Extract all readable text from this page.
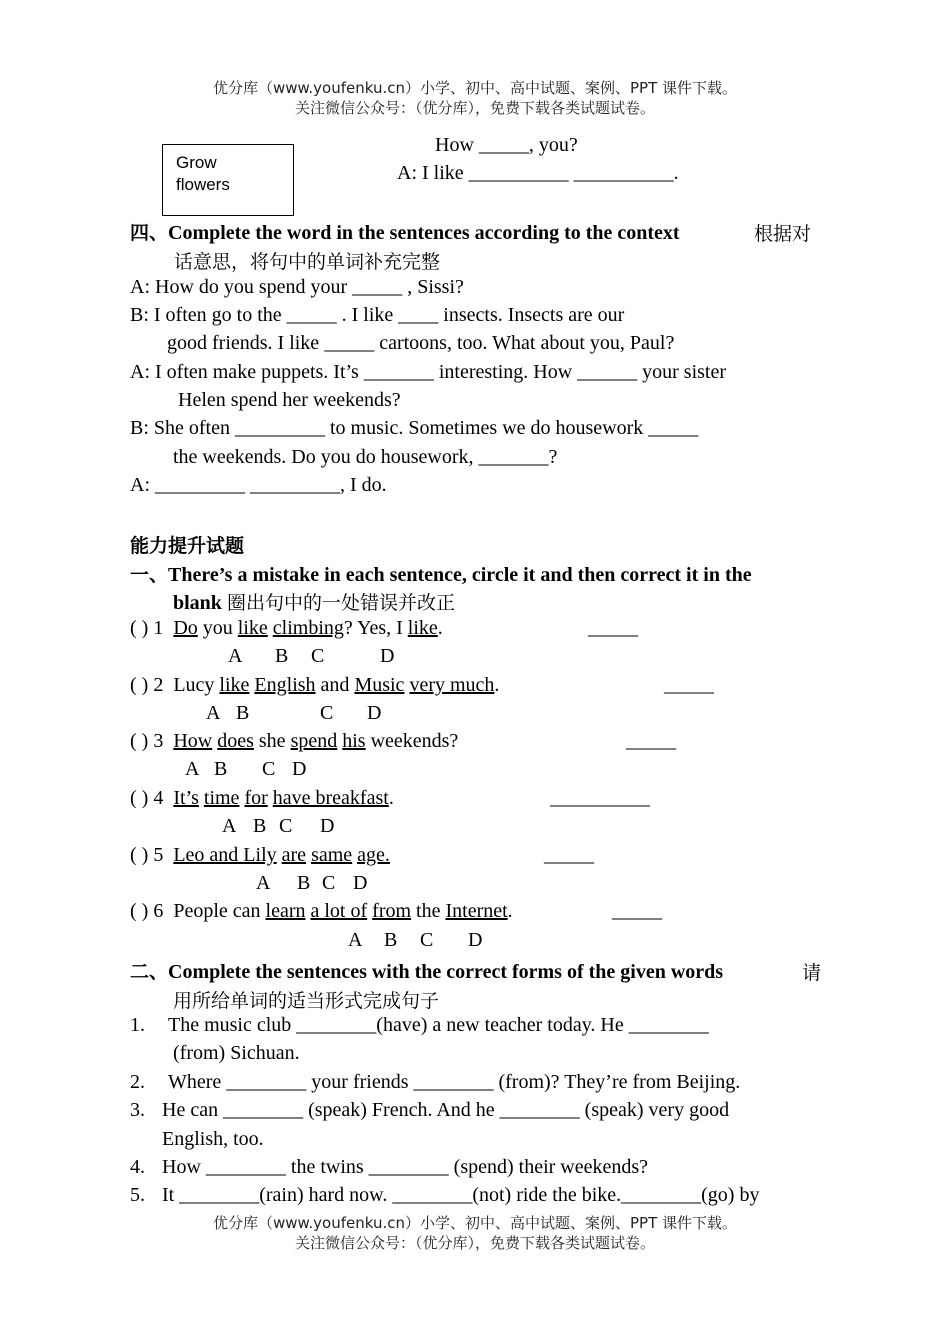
优分库（www.youfenku.cn）小学、初中、高中试题、案例、PPT 课件下载。
关注微信公众号：（优分库），免费下载各类试题试卷。
Grow
flowers
How _____, you?
A: I like __________ __________.
四、Complete the word in the sentences according to the context	根据对
话意思，将句中的单词补充完整
A: How do you spend your _____ , Sissi?
B: I often go to the _____ . I like ____ insects. Insects are our
good friends. I like _____ cartoons, too. What about you, Paul?
A: I often make puppets. It’s _______ interesting. How ______ your sister
Helen spend her weekends?
B: She often _________ to music. Sometimes we do housework _____
the weekends. Do you do housework, _______?
A: _________ _________, I do.
能力提升试题
一、There’s a mistake in each sentence, circle it and then correct it in the
blank 圈出句中的一处错误并改正
( ) 1 Do you like climbing? Yes, I like.	_____
A B C	D
( ) 2 Lucy like English and Music very much.	_____
A B	C D
( ) 3 How does she spend his weekends?	_____
A B C D
( ) 4 It’s time for have breakfast.	__________
A B C D
( ) 5 Leo and Lily are same age.	_____
A B C D
( ) 6 People can learn a lot of from the Internet.	_____
A B C D
二、Complete the sentences with the correct forms of the given words	请
用所给单词的适当形式完成句子
1. The music club ________(have) a new teacher today. He ________
(from) Sichuan.
2. Where ________ your friends ________ (from)? They’re from Beijing.
3. He can ________ (speak) French. And he ________ (speak) very good
English, too.
4. How ________ the twins ________ (spend) their weekends?
5. It ________(rain) hard now. ________(not) ride the bike.________(go) by
优分库（www.youfenku.cn）小学、初中、高中试题、案例、PPT 课件下载。
关注微信公众号：（优分库），免费下载各类试题试卷。
